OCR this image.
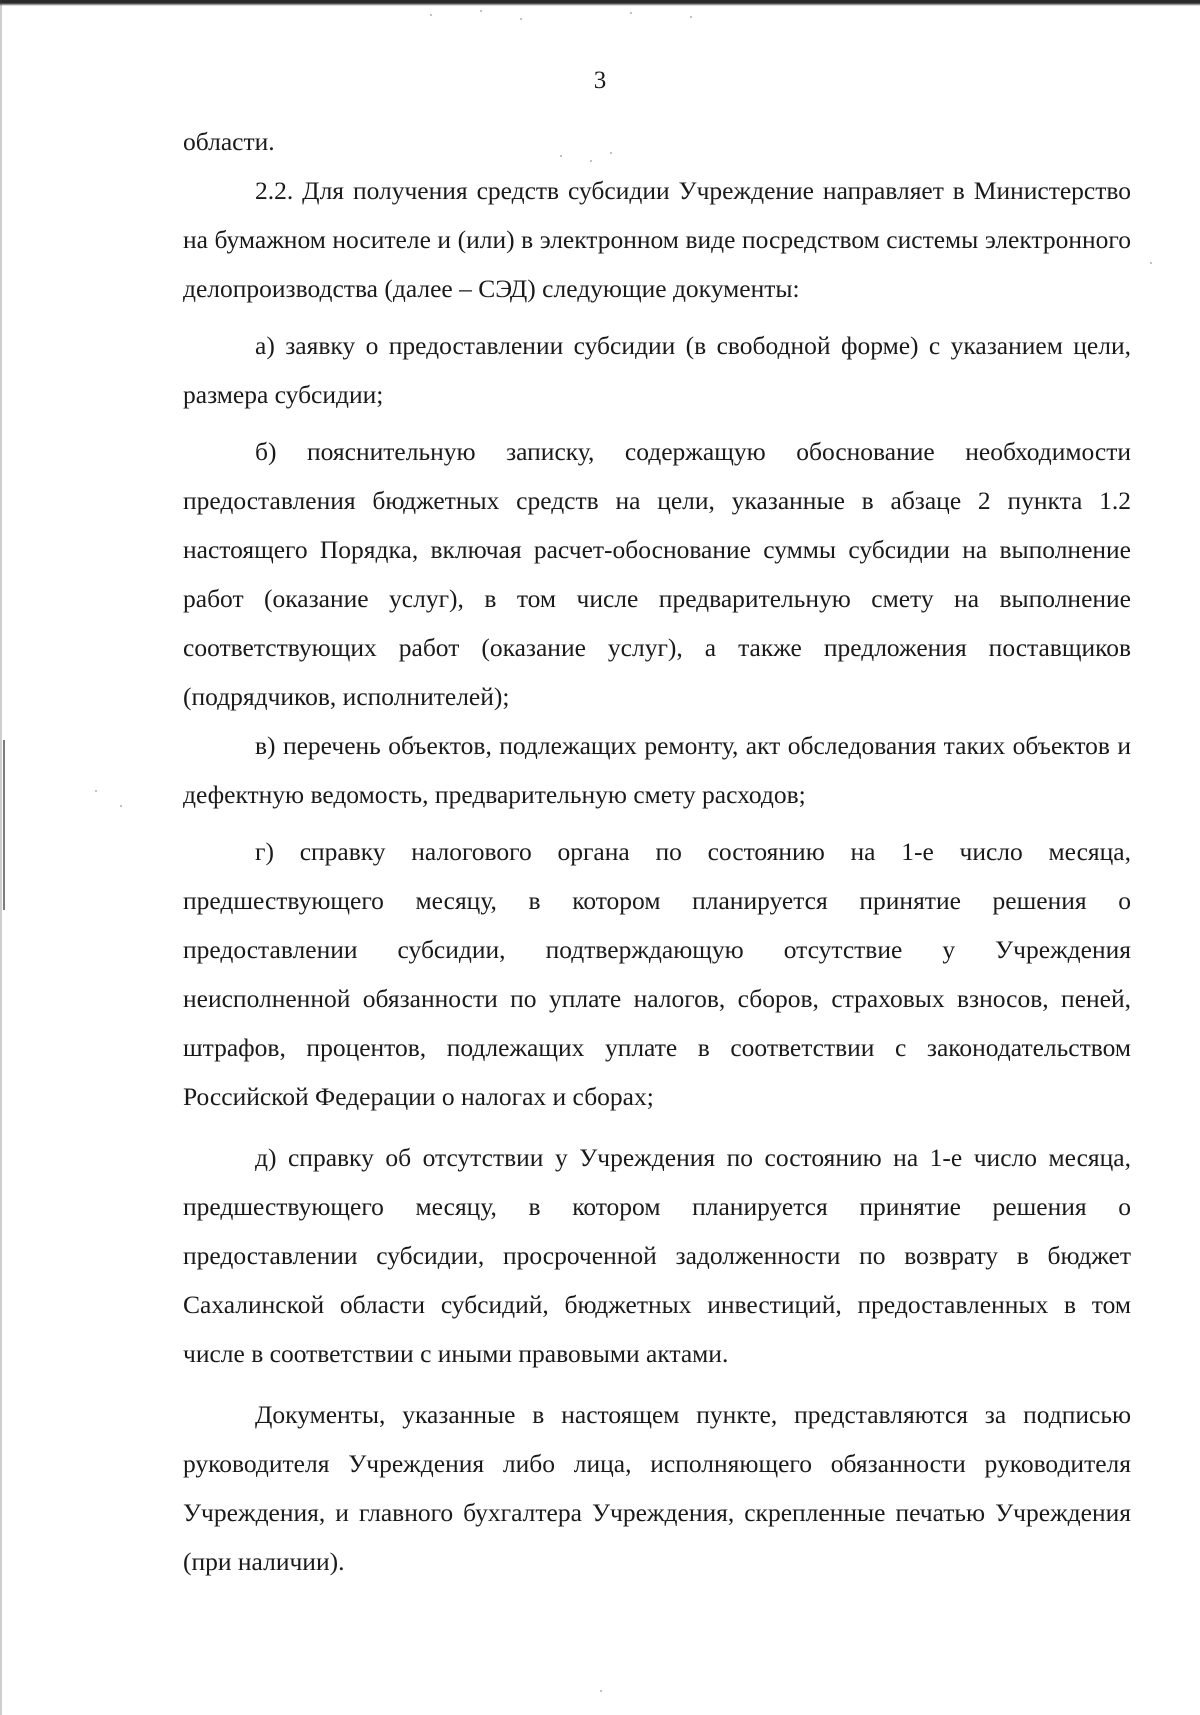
3

области.

2.2. Для получения средств субсидии Учреждение направляет в Министерство на бумажном носителе и (или) в электронном виде посредством системы электронного делопроизводства (далее – СЭД) следующие документы:

а) заявку о предоставлении субсидии (в свободной форме) с указанием цели, размера субсидии;

б) пояснительную записку, содержащую обоснование необходимости предоставления бюджетных средств на цели, указанные в абзаце 2 пункта 1.2 настоящего Порядка, включая расчет-обоснование суммы субсидии на выполнение работ (оказание услуг), в том числе предварительную смету на выполнение соответствующих работ (оказание услуг), а также предложения поставщиков (подрядчиков, исполнителей);

в) перечень объектов, подлежащих ремонту, акт обследования таких объектов и дефектную ведомость, предварительную смету расходов;

г) справку налогового органа по состоянию на 1-е число месяца, предшествующего месяцу, в котором планируется принятие решения о предоставлении субсидии, подтверждающую отсутствие у Учреждения неисполненной обязанности по уплате налогов, сборов, страховых взносов, пеней, штрафов, процентов, подлежащих уплате в соответствии с законодательством Российской Федерации о налогах и сборах;

д) справку об отсутствии у Учреждения по состоянию на 1-е число месяца, предшествующего месяцу, в котором планируется принятие решения о предоставлении субсидии, просроченной задолженности по возврату в бюджет Сахалинской области субсидий, бюджетных инвестиций, предоставленных в том числе в соответствии с иными правовыми актами.

Документы, указанные в настоящем пункте, представляются за подписью руководителя Учреждения либо лица, исполняющего обязанности руководителя Учреждения, и главного бухгалтера Учреждения, скрепленные печатью Учреждения (при наличии).
